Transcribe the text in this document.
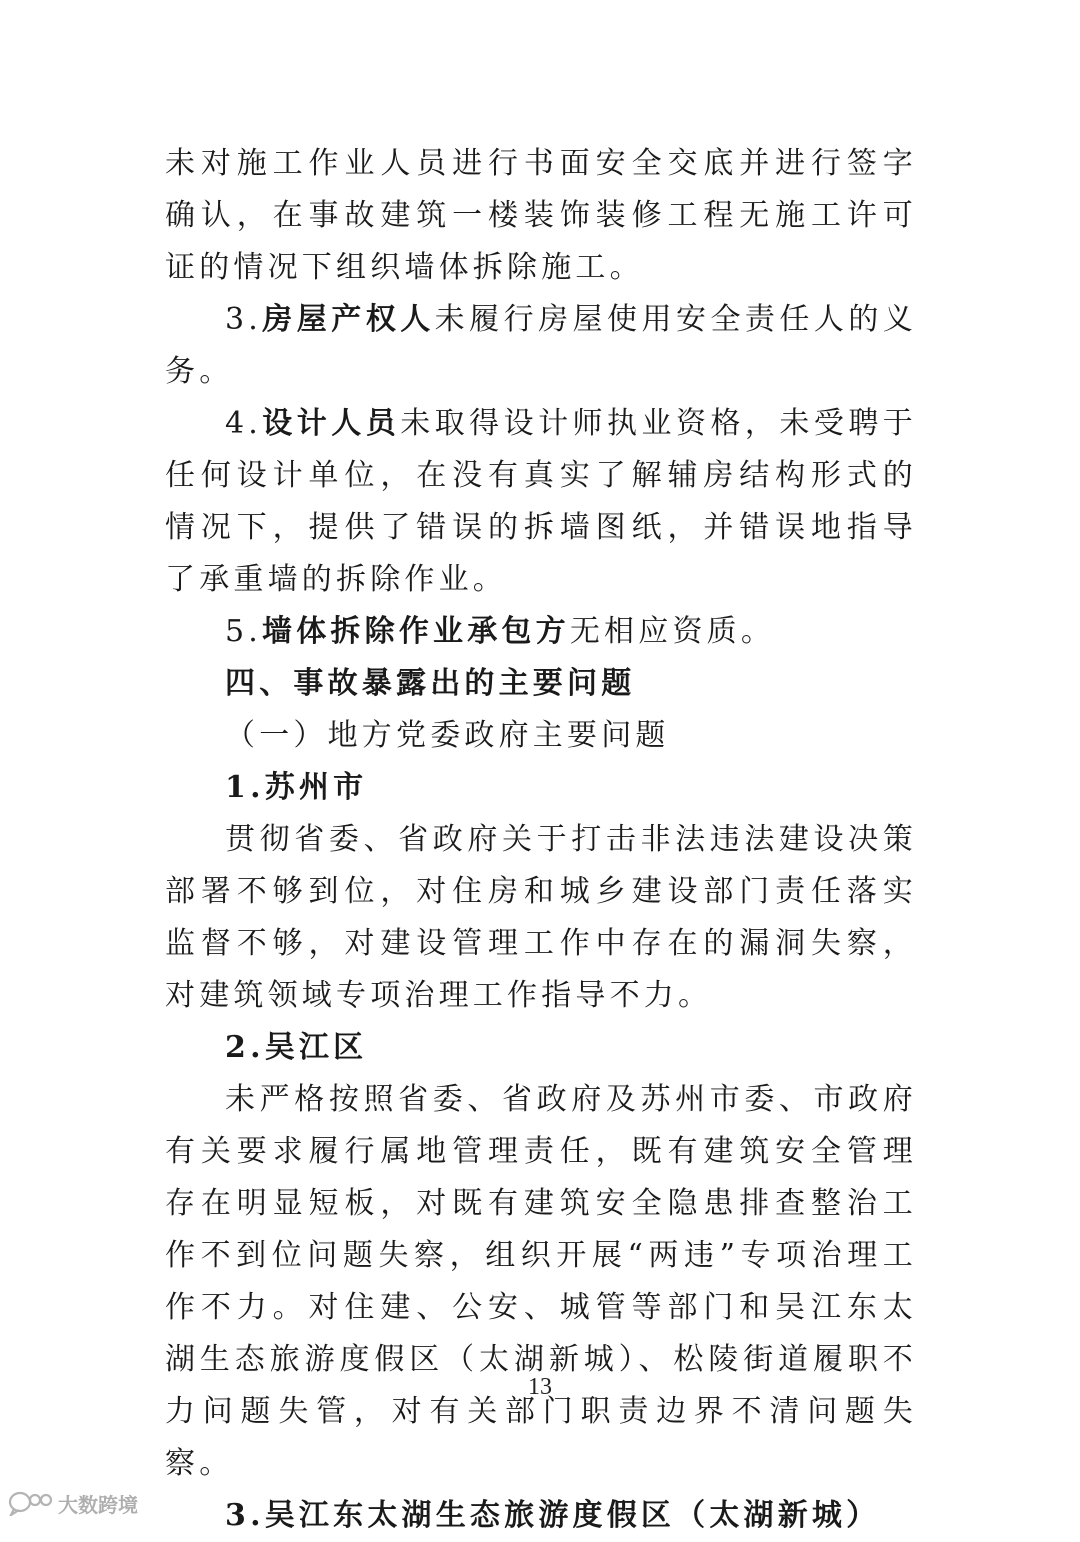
未对施工作业人员进行书面安全交底并进行签字确认，在事故建筑一楼装饰装修工程无施工许可证的情况下组织墙体拆除施工。

3.房屋产权人未履行房屋使用安全责任人的义务。

4.设计人员未取得设计师执业资格，未受聘于任何设计单位，在没有真实了解辅房结构形式的情况下，提供了错误的拆墙图纸，并错误地指导了承重墙的拆除作业。

5.墙体拆除作业承包方无相应资质。

四、事故暴露出的主要问题

（一）地方党委政府主要问题

1.苏州市

贯彻省委、省政府关于打击非法违法建设决策部署不够到位，对住房和城乡建设部门责任落实监督不够，对建设管理工作中存在的漏洞失察，对建筑领域专项治理工作指导不力。

2.吴江区

未严格按照省委、省政府及苏州市委、市政府有关要求履行属地管理责任，既有建筑安全管理存在明显短板，对既有建筑安全隐患排查整治工作不到位问题失察，组织开展“两违”专项治理工作不力。对住建、公安、城管等部门和吴江东太湖生态旅游度假区（太湖新城）、松陵街道履职不力问题失管，对有关部门职责边界不清问题失察。

3.吴江东太湖生态旅游度假区（太湖新城）

13
大数跨境
